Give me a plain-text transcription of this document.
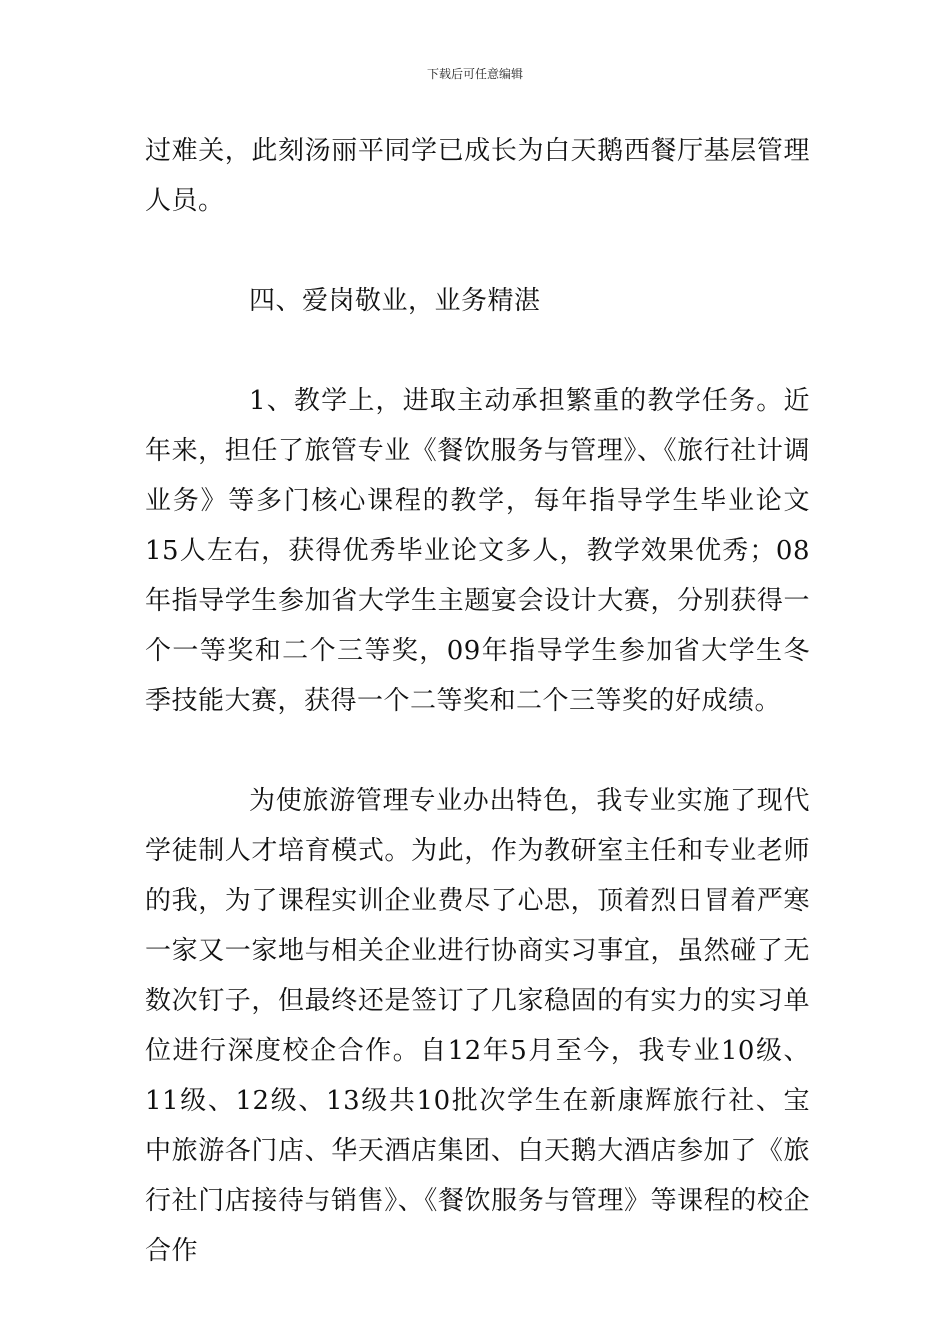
下载后可任意编辑

过难关，此刻汤丽平同学已成长为白天鹅西餐厅基层管理人员。

四、爱岗敬业，业务精湛

1、教学上，进取主动承担繁重的教学任务。近年来，担任了旅管专业《餐饮服务与管理》、《旅行社计调业务》等多门核心课程的教学，每年指导学生毕业论文15人左右，获得优秀毕业论文多人，教学效果优秀；08年指导学生参加省大学生主题宴会设计大赛，分别获得一个一等奖和二个三等奖，09年指导学生参加省大学生冬季技能大赛，获得一个二等奖和二个三等奖的好成绩。

为使旅游管理专业办出特色，我专业实施了现代学徒制人才培育模式。为此，作为教研室主任和专业老师的我，为了课程实训企业费尽了心思，顶着烈日冒着严寒一家又一家地与相关企业进行协商实习事宜，虽然碰了无数次钉子，但最终还是签订了几家稳固的有实力的实习单位进行深度校企合作。自12年5月至今，我专业10级、11级、12级、13级共10批次学生在新康辉旅行社、宝中旅游各门店、华天酒店集团、白天鹅大酒店参加了《旅行社门店接待与销售》、《餐饮服务与管理》等课程的校企合作
